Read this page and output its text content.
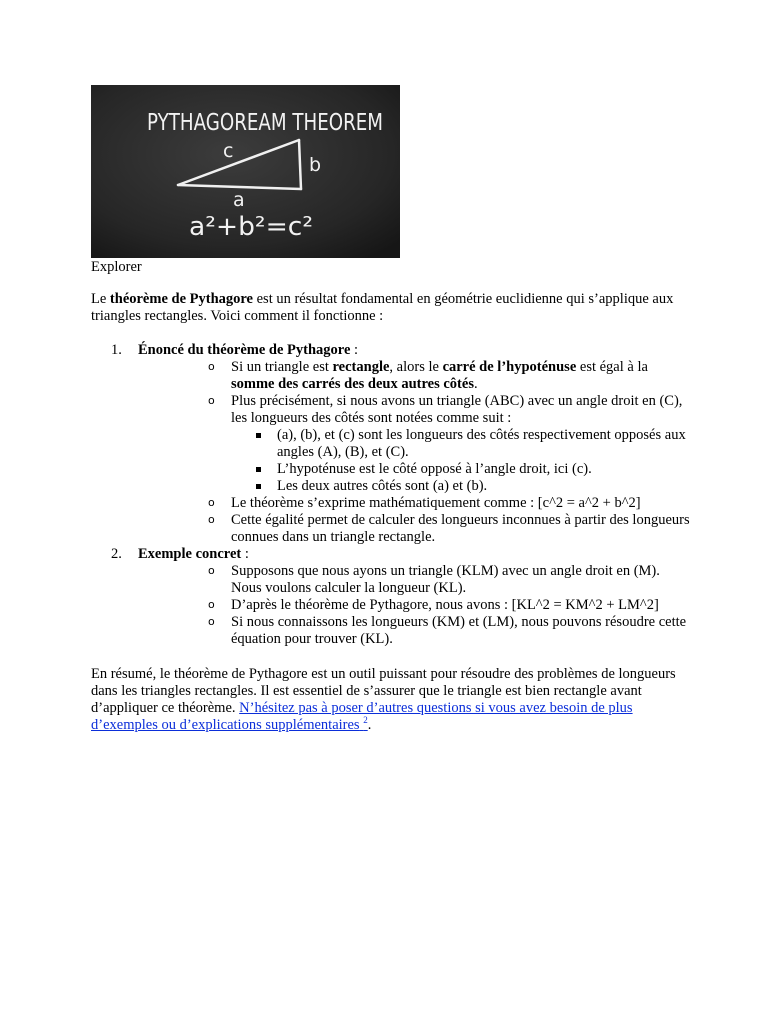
PYTHAGOREAM THEOREM
c
b
a
a²+b²=c²

Explorer

Le théorème de Pythagore est un résultat fondamental en géométrie euclidienne qui s’applique aux triangles rectangles. Voici comment il fonctionne :

1. Énoncé du théorème de Pythagore :
o Si un triangle est rectangle, alors le carré de l’hypoténuse est égal à la somme des carrés des deux autres côtés.
o Plus précisément, si nous avons un triangle (ABC) avec un angle droit en (C), les longueurs des côtés sont notées comme suit :
(a), (b), et (c) sont les longueurs des côtés respectivement opposés aux angles (A), (B), et (C).
L’hypoténuse est le côté opposé à l’angle droit, ici (c).
Les deux autres côtés sont (a) et (b).
o Le théorème s’exprime mathématiquement comme : [c^2 = a^2 + b^2]
o Cette égalité permet de calculer des longueurs inconnues à partir des longueurs connues dans un triangle rectangle.
2. Exemple concret :
o Supposons que nous ayons un triangle (KLM) avec un angle droit en (M). Nous voulons calculer la longueur (KL).
o D’après le théorème de Pythagore, nous avons : [KL^2 = KM^2 + LM^2]
o Si nous connaissons les longueurs (KM) et (LM), nous pouvons résoudre cette équation pour trouver (KL).

En résumé, le théorème de Pythagore est un outil puissant pour résoudre des problèmes de longueurs dans les triangles rectangles. Il est essentiel de s’assurer que le triangle est bien rectangle avant d’appliquer ce théorème. N’hésitez pas à poser d’autres questions si vous avez besoin de plus d’exemples ou d’explications supplémentaires $^2$.
